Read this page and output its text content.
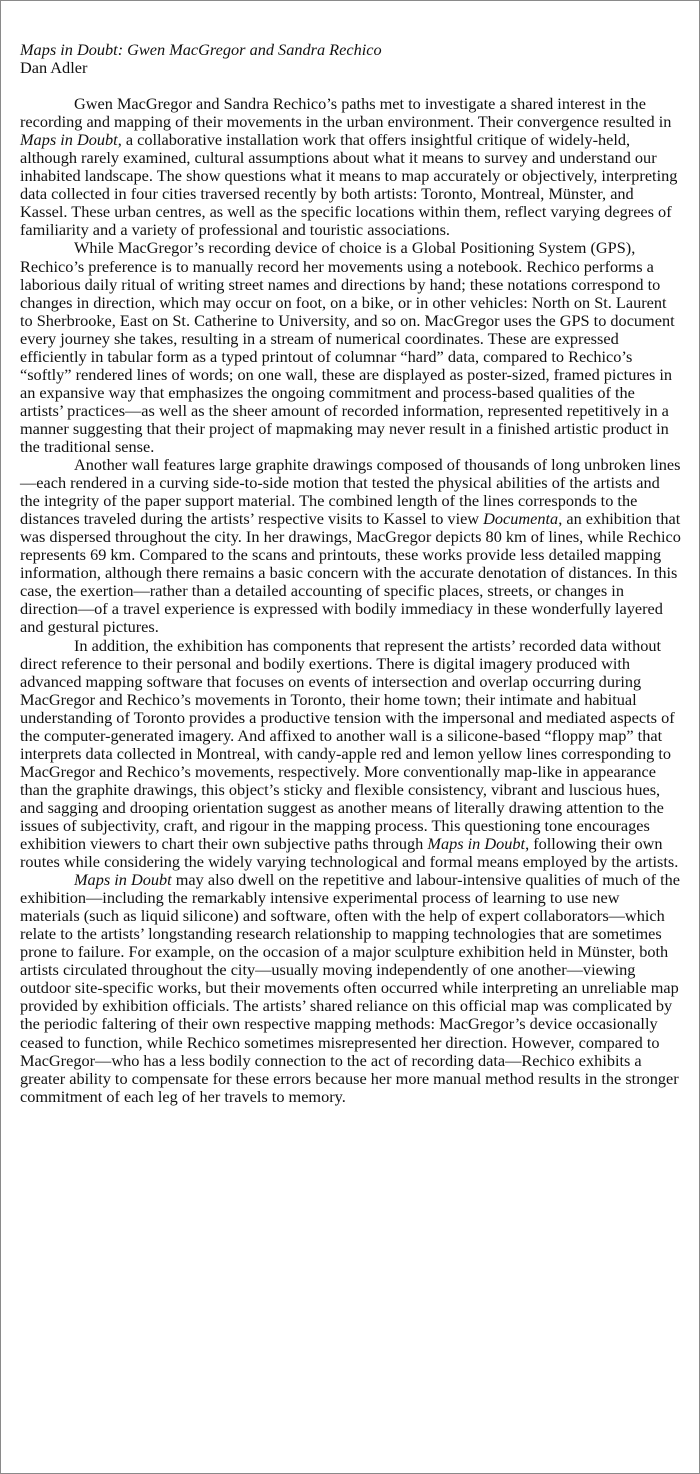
Maps in Doubt: Gwen MacGregor and Sandra Rechico
Dan Adler

Gwen MacGregor and Sandra Rechico’s paths met to investigate a shared interest in the recording and mapping of their movements in the urban environment. Their convergence resulted in Maps in Doubt, a collaborative installation work that offers insightful critique of widely-held, although rarely examined, cultural assumptions about what it means to survey and understand our inhabited landscape. The show questions what it means to map accurately or objectively, interpreting data collected in four cities traversed recently by both artists: Toronto, Montreal, Münster, and Kassel. These urban centres, as well as the specific locations within them, reflect varying degrees of familiarity and a variety of professional and touristic associations.

While MacGregor’s recording device of choice is a Global Positioning System (GPS), Rechico’s preference is to manually record her movements using a notebook. Rechico performs a laborious daily ritual of writing street names and directions by hand; these notations correspond to changes in direction, which may occur on foot, on a bike, or in other vehicles: North on St. Laurent to Sherbrooke, East on St. Catherine to University, and so on. MacGregor uses the GPS to document every journey she takes, resulting in a stream of numerical coordinates. These are expressed efficiently in tabular form as a typed printout of columnar “hard” data, compared to Rechico’s “softly” rendered lines of words; on one wall, these are displayed as poster-sized, framed pictures in an expansive way that emphasizes the ongoing commitment and process-based qualities of the artists’ practices—as well as the sheer amount of recorded information, represented repetitively in a manner suggesting that their project of mapmaking may never result in a finished artistic product in the traditional sense.

Another wall features large graphite drawings composed of thousands of long unbroken lines—each rendered in a curving side-to-side motion that tested the physical abilities of the artists and the integrity of the paper support material. The combined length of the lines corresponds to the distances traveled during the artists’ respective visits to Kassel to view Documenta, an exhibition that was dispersed throughout the city. In her drawings, MacGregor depicts 80 km of lines, while Rechico represents 69 km. Compared to the scans and printouts, these works provide less detailed mapping information, although there remains a basic concern with the accurate denotation of distances. In this case, the exertion—rather than a detailed accounting of specific places, streets, or changes in direction—of a travel experience is expressed with bodily immediacy in these wonderfully layered and gestural pictures.

In addition, the exhibition has components that represent the artists’ recorded data without direct reference to their personal and bodily exertions. There is digital imagery produced with advanced mapping software that focuses on events of intersection and overlap occurring during MacGregor and Rechico’s movements in Toronto, their home town; their intimate and habitual understanding of Toronto provides a productive tension with the impersonal and mediated aspects of the computer-generated imagery. And affixed to another wall is a silicone-based “floppy map” that interprets data collected in Montreal, with candy-apple red and lemon yellow lines corresponding to MacGregor and Rechico’s movements, respectively. More conventionally map-like in appearance than the graphite drawings, this object’s sticky and flexible consistency, vibrant and luscious hues, and sagging and drooping orientation suggest as another means of literally drawing attention to the issues of subjectivity, craft, and rigour in the mapping process. This questioning tone encourages exhibition viewers to chart their own subjective paths through Maps in Doubt, following their own routes while considering the widely varying technological and formal means employed by the artists.

Maps in Doubt may also dwell on the repetitive and labour-intensive qualities of much of the exhibition—including the remarkably intensive experimental process of learning to use new materials (such as liquid silicone) and software, often with the help of expert collaborators—which relate to the artists’ longstanding research relationship to mapping technologies that are sometimes prone to failure. For example, on the occasion of a major sculpture exhibition held in Münster, both artists circulated throughout the city—usually moving independently of one another—viewing outdoor site-specific works, but their movements often occurred while interpreting an unreliable map provided by exhibition officials. The artists’ shared reliance on this official map was complicated by the periodic faltering of their own respective mapping methods: MacGregor’s device occasionally ceased to function, while Rechico sometimes misrepresented her direction. However, compared to MacGregor—who has a less bodily connection to the act of recording data—Rechico exhibits a greater ability to compensate for these errors because her more manual method results in the stronger commitment of each leg of her travels to memory.
